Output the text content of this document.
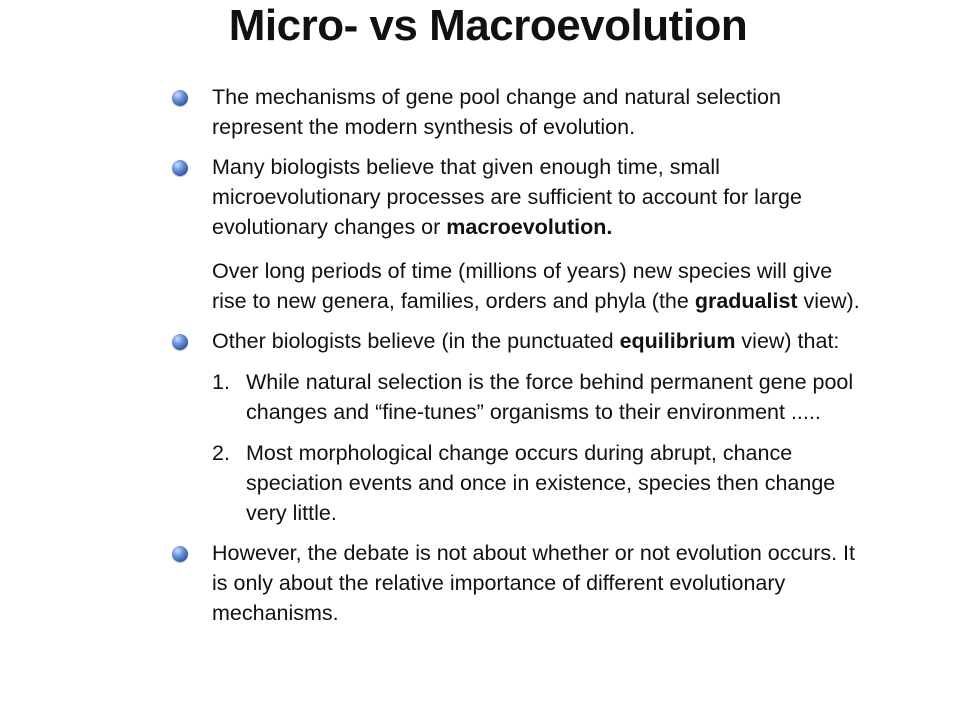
Micro- vs Macroevolution
The mechanisms of gene pool change and natural selection represent the modern synthesis of evolution.
Many biologists believe that given enough time, small microevolutionary processes are sufficient to account for large evolutionary changes or macroevolution.
Over long periods of time (millions of years) new species will give rise to new genera, families, orders and phyla (the gradualist view).
Other biologists believe (in the punctuated equilibrium view) that:
1. While natural selection is the force behind permanent gene pool changes and “fine-tunes” organisms to their environment .....
2. Most morphological change occurs during abrupt, chance speciation events and once in existence, species then change very little.
However, the debate is not about whether or not evolution occurs. It is only about the relative importance of different evolutionary mechanisms.
